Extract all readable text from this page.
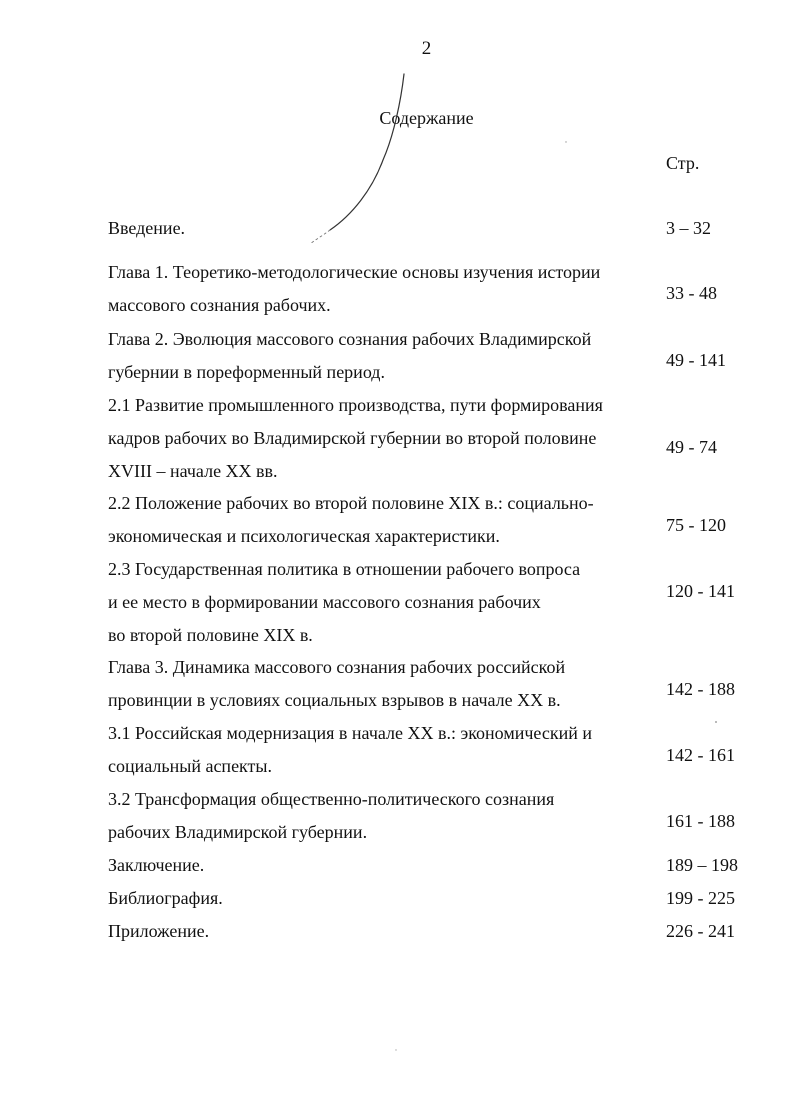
2
Содержание
Стр.
Введение.	3 – 32
Глава 1. Теоретико-методологические основы изучения истории
массового сознания рабочих.
33 - 48
Глава 2. Эволюция массового сознания рабочих Владимирской
губернии в пореформенный период.
49 - 141
2.1 Развитие промышленного производства, пути формирования
кадров рабочих во Владимирской губернии во второй половине
XVIII – начале XX вв.
49 - 74
2.2 Положение рабочих во второй половине XIX в.: социально-
экономическая и психологическая характеристики.
75 - 120
2.3 Государственная политика в отношении рабочего вопроса
и ее место в формировании массового сознания рабочих
во второй половине XIX в.
120 - 141
Глава 3. Динамика массового сознания рабочих российской
провинции в условиях социальных взрывов в начале XX в.
142 - 188
3.1 Российская модернизация в начале XX в.: экономический и
социальный аспекты.
142 - 161
3.2 Трансформация общественно-политического сознания
рабочих Владимирской губернии.
161 - 188
Заключение.	189 – 198
Библиография.	199 - 225
Приложение.	226 - 241
